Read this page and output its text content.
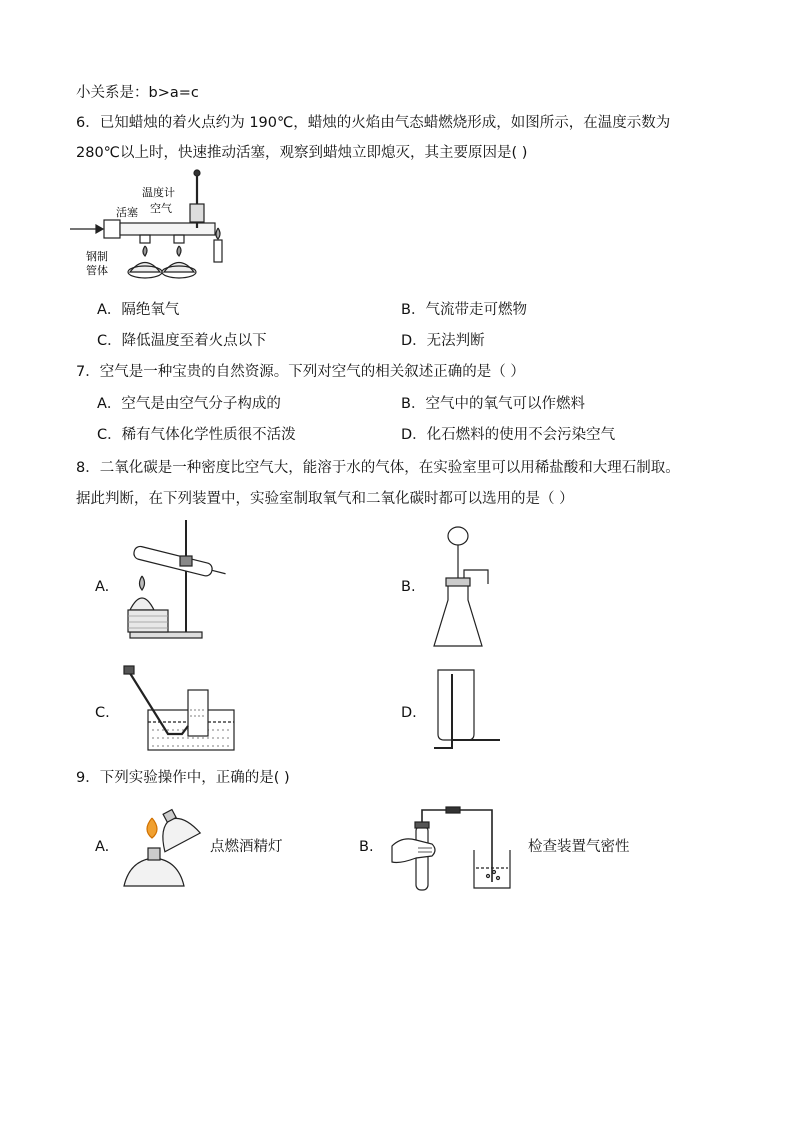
小关系是：b>a=c
6．已知蜡烛的着火点约为 190℃，蜡烛的火焰由气态蜡燃烧形成，如图所示，在温度示数为
280℃以上时，快速推动活塞，观察到蜡烛立即熄灭，其主要原因是( )
温度计
活塞 空气
钢制
管体
A．隔绝氧气	B．气流带走可燃物
C．降低温度至着火点以下	D．无法判断
7．空气是一种宝贵的自然资源。下列对空气的相关叙述正确的是（ ）
A．空气是由空气分子构成的	B．空气中的氧气可以作燃料
C．稀有气体化学性质很不活泼	D．化石燃料的使用不会污染空气
8．二氧化碳是一种密度比空气大，能溶于水的气体，在实验室里可以用稀盐酸和大理石制取。
据此判断，在下列装置中，实验室制取氧气和二氧化碳时都可以选用的是（ ）
A.	B.
C.	D.
9．下列实验操作中，正确的是( )
A.	点燃酒精灯	B.	检查装置气密性
